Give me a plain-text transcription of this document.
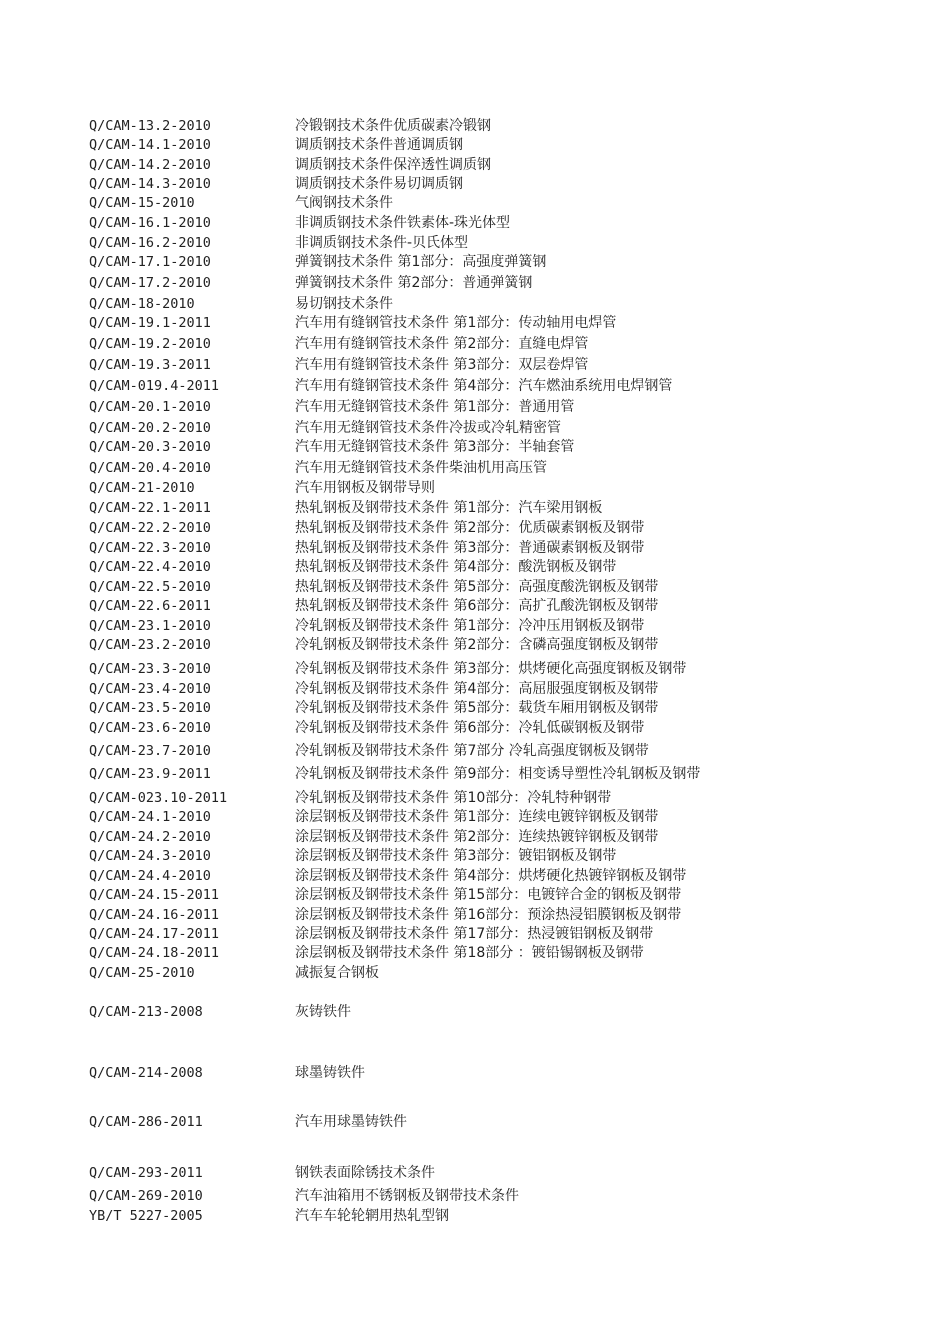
Q/CAM-13.2-2010	冷锻钢技术条件优质碳素冷锻钢
Q/CAM-14.1-2010	调质钢技术条件普通调质钢
Q/CAM-14.2-2010	调质钢技术条件保淬透性调质钢
Q/CAM-14.3-2010	调质钢技术条件易切调质钢
Q/CAM-15-2010	气阀钢技术条件
Q/CAM-16.1-2010	非调质钢技术条件铁素体-珠光体型
Q/CAM-16.2-2010	非调质钢技术条件-贝氏体型
Q/CAM-17.1-2010	弹簧钢技术条件 第1部分：高强度弹簧钢
Q/CAM-17.2-2010	弹簧钢技术条件 第2部分：普通弹簧钢
Q/CAM-18-2010	易切钢技术条件
Q/CAM-19.1-2011	汽车用有缝钢管技术条件 第1部分：传动轴用电焊管
Q/CAM-19.2-2010	汽车用有缝钢管技术条件 第2部分：直缝电焊管
Q/CAM-19.3-2011	汽车用有缝钢管技术条件 第3部分：双层卷焊管
Q/CAM-019.4-2011	汽车用有缝钢管技术条件 第4部分：汽车燃油系统用电焊钢管
Q/CAM-20.1-2010	汽车用无缝钢管技术条件 第1部分：普通用管
Q/CAM-20.2-2010	汽车用无缝钢管技术条件冷拔或冷轧精密管
Q/CAM-20.3-2010	汽车用无缝钢管技术条件 第3部分：半轴套管
Q/CAM-20.4-2010	汽车用无缝钢管技术条件柴油机用高压管
Q/CAM-21-2010	汽车用钢板及钢带导则
Q/CAM-22.1-2011	热轧钢板及钢带技术条件 第1部分：汽车梁用钢板
Q/CAM-22.2-2010	热轧钢板及钢带技术条件 第2部分：优质碳素钢板及钢带
Q/CAM-22.3-2010	热轧钢板及钢带技术条件 第3部分：普通碳素钢板及钢带
Q/CAM-22.4-2010	热轧钢板及钢带技术条件 第4部分：酸洗钢板及钢带
Q/CAM-22.5-2010	热轧钢板及钢带技术条件 第5部分：高强度酸洗钢板及钢带
Q/CAM-22.6-2011	热轧钢板及钢带技术条件 第6部分：高扩孔酸洗钢板及钢带
Q/CAM-23.1-2010	冷轧钢板及钢带技术条件 第1部分：冷冲压用钢板及钢带
Q/CAM-23.2-2010	冷轧钢板及钢带技术条件 第2部分：含磷高强度钢板及钢带
Q/CAM-23.3-2010	冷轧钢板及钢带技术条件 第3部分：烘烤硬化高强度钢板及钢带
Q/CAM-23.4-2010	冷轧钢板及钢带技术条件 第4部分：高屈服强度钢板及钢带
Q/CAM-23.5-2010	冷轧钢板及钢带技术条件 第5部分：载货车厢用钢板及钢带
Q/CAM-23.6-2010	冷轧钢板及钢带技术条件 第6部分：冷轧低碳钢板及钢带
Q/CAM-23.7-2010	冷轧钢板及钢带技术条件 第7部分 冷轧高强度钢板及钢带
Q/CAM-23.9-2011	冷轧钢板及钢带技术条件 第9部分：相变诱导塑性冷轧钢板及钢带
Q/CAM-023.10-2011	冷轧钢板及钢带技术条件 第10部分：冷轧特种钢带
Q/CAM-24.1-2010	涂层钢板及钢带技术条件 第1部分：连续电镀锌钢板及钢带
Q/CAM-24.2-2010	涂层钢板及钢带技术条件 第2部分：连续热镀锌钢板及钢带
Q/CAM-24.3-2010	涂层钢板及钢带技术条件 第3部分：镀铝钢板及钢带
Q/CAM-24.4-2010	涂层钢板及钢带技术条件 第4部分：烘烤硬化热镀锌钢板及钢带
Q/CAM-24.15-2011	涂层钢板及钢带技术条件 第15部分：电镀锌合金的钢板及钢带
Q/CAM-24.16-2011	涂层钢板及钢带技术条件 第16部分：预涂热浸铝膜钢板及钢带
Q/CAM-24.17-2011	涂层钢板及钢带技术条件 第17部分：热浸镀铝钢板及钢带
Q/CAM-24.18-2011	涂层钢板及钢带技术条件 第18部分 ：镀铅锡钢板及钢带
Q/CAM-25-2010	减振复合钢板
Q/CAM-213-2008	灰铸铁件
Q/CAM-214-2008	球墨铸铁件
Q/CAM-286-2011	汽车用球墨铸铁件
Q/CAM-293-2011	钢铁表面除锈技术条件
Q/CAM-269-2010	汽车油箱用不锈钢板及钢带技术条件
YB/T 5227-2005	汽车车轮轮辋用热轧型钢
